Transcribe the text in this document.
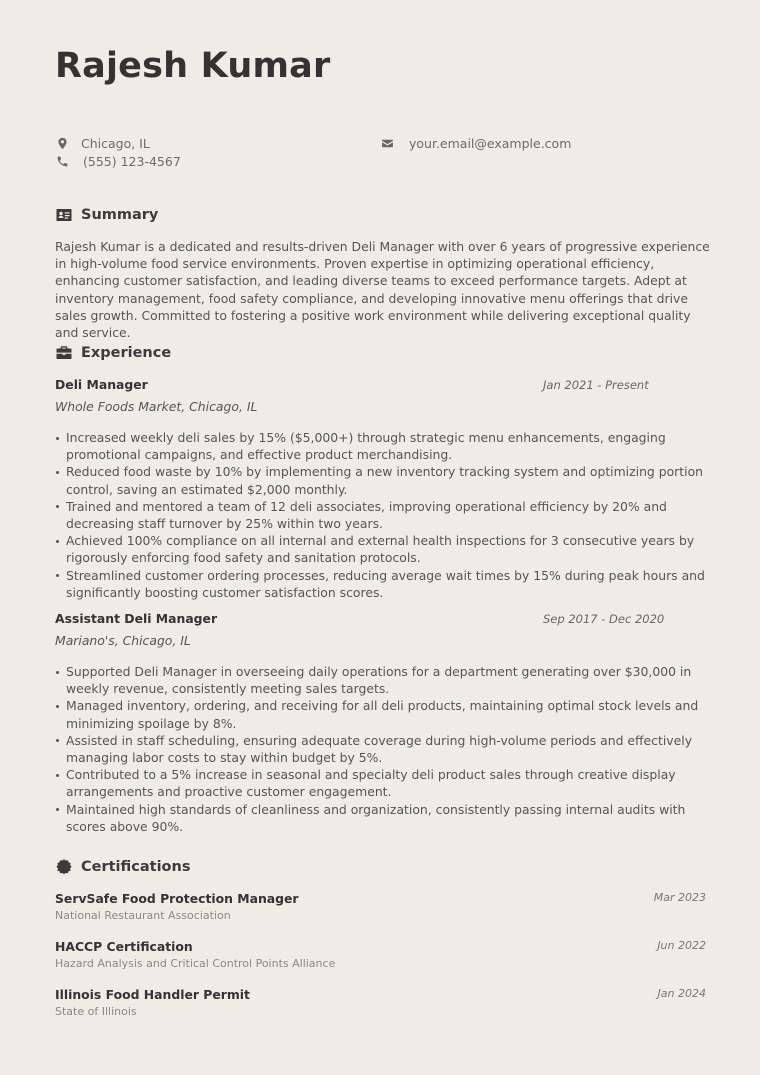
Rajesh Kumar
Chicago, IL
(555) 123-4567
your.email@example.com
Summary

Rajesh Kumar is a dedicated and results-driven Deli Manager with over 6 years of progressive experience in high-volume food service environments. Proven expertise in optimizing operational efficiency, enhancing customer satisfaction, and leading diverse teams to exceed performance targets. Adept at inventory management, food safety compliance, and developing innovative menu offerings that drive sales growth. Committed to fostering a positive work environment while delivering exceptional quality and service.

Experience
Deli Manager	Jan 2021 - Present
Whole Foods Market, Chicago, IL
Increased weekly deli sales by 15% ($5,000+) through strategic menu enhancements, engaging promotional campaigns, and effective product merchandising.
Reduced food waste by 10% by implementing a new inventory tracking system and optimizing portion control, saving an estimated $2,000 monthly.
Trained and mentored a team of 12 deli associates, improving operational efficiency by 20% and decreasing staff turnover by 25% within two years.
Achieved 100% compliance on all internal and external health inspections for 3 consecutive years by rigorously enforcing food safety and sanitation protocols.
Streamlined customer ordering processes, reducing average wait times by 15% during peak hours and significantly boosting customer satisfaction scores.
Assistant Deli Manager	Sep 2017 - Dec 2020
Mariano's, Chicago, IL
Supported Deli Manager in overseeing daily operations for a department generating over $30,000 in weekly revenue, consistently meeting sales targets.
Managed inventory, ordering, and receiving for all deli products, maintaining optimal stock levels and minimizing spoilage by 8%.
Assisted in staff scheduling, ensuring adequate coverage during high-volume periods and effectively managing labor costs to stay within budget by 5%.
Contributed to a 5% increase in seasonal and specialty deli product sales through creative display arrangements and proactive customer engagement.
Maintained high standards of cleanliness and organization, consistently passing internal audits with scores above 90%.
Certifications
ServSafe Food Protection Manager	Mar 2023
National Restaurant Association
HACCP Certification	Jun 2022
Hazard Analysis and Critical Control Points Alliance
Illinois Food Handler Permit	Jan 2024
State of Illinois
